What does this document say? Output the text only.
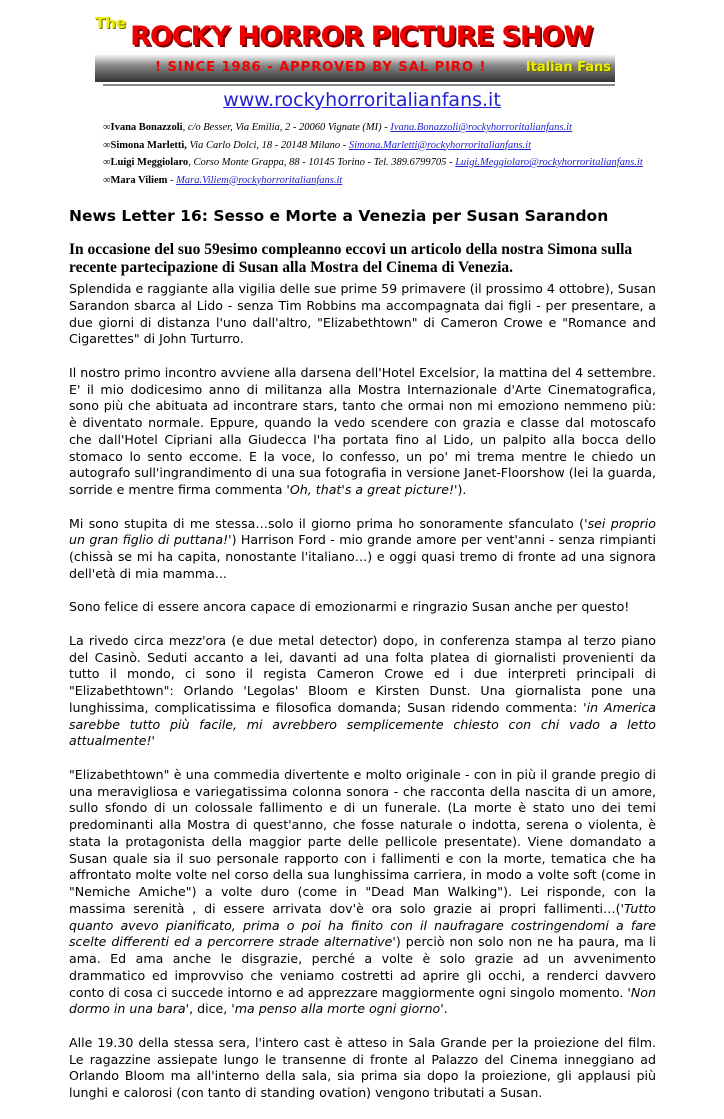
The ROCKY HORROR PICTURE SHOW
! SINCE 1986 - APPROVED BY SAL PIRO !	Italian Fans
www.rockyhorroritalianfans.it
∞Ivana Bonazzoli, c/o Besser, Via Emilia, 2 - 20060 Vignate (MI) - Ivana.Bonazzoli@rockyhorroritalianfans.it
∞Simona Marletti, Via Carlo Dolci, 18 - 20148 Milano - Simona.Marletti@rockyhorroritalianfans.it
∞Luigi Meggiolaro, Corso Monte Grappa, 88 - 10145 Torino - Tel. 389.6799705 - Luigi.Meggiolaro@rockyhorroritalianfans.it
∞Mara Viliem - Mara.Viliem@rockyhorroritalianfans.it
News Letter 16: Sesso e Morte a Venezia per Susan Sarandon
In occasione del suo 59esimo compleanno eccovi un articolo della nostra Simona sulla recente partecipazione di Susan alla Mostra del Cinema di Venezia.

Splendida e raggiante alla vigilia delle sue prime 59 primavere (il prossimo 4 ottobre), Susan Sarandon sbarca al Lido - senza Tim Robbins ma accompagnata dai figli - per presentare, a due giorni di distanza l'uno dall'altro, "Elizabethtown" di Cameron Crowe e "Romance and Cigarettes" di John Turturro.

Il nostro primo incontro avviene alla darsena dell'Hotel Excelsior, la mattina del 4 settembre. E' il mio dodicesimo anno di militanza alla Mostra Internazionale d'Arte Cinematografica, sono più che abituata ad incontrare stars, tanto che ormai non mi emoziono nemmeno più: è diventato normale. Eppure, quando la vedo scendere con grazia e classe dal motoscafo che dall'Hotel Cipriani alla Giudecca l'ha portata fino al Lido, un palpito alla bocca dello stomaco lo sento eccome. E la voce, lo confesso, un po' mi trema mentre le chiedo un autografo sull'ingrandimento di una sua fotografia in versione Janet-Floorshow (lei la guarda, sorride e mentre firma commenta 'Oh, that's a great picture!').

Mi sono stupita di me stessa…solo il giorno prima ho sonoramente sfanculato ('sei proprio un gran figlio di puttana!') Harrison Ford - mio grande amore per vent'anni - senza rimpianti (chissà se mi ha capita, nonostante l'italiano…) e oggi quasi tremo di fronte ad una signora dell'età di mia mamma...

Sono felice di essere ancora capace di emozionarmi e ringrazio Susan anche per questo!

La rivedo circa mezz'ora (e due metal detector) dopo, in conferenza stampa al terzo piano del Casinò. Seduti accanto a lei, davanti ad una folta platea di giornalisti provenienti da tutto il mondo, ci sono il regista Cameron Crowe ed i due interpreti principali di "Elizabethtown": Orlando 'Legolas' Bloom e Kirsten Dunst. Una giornalista pone una lunghissima, complicatissima e filosofica domanda; Susan ridendo commenta: 'in America sarebbe tutto più facile, mi avrebbero semplicemente chiesto con chi vado a letto attualmente!'

"Elizabethtown" è una commedia divertente e molto originale - con in più il grande pregio di una meravigliosa e variegatissima colonna sonora - che racconta della nascita di un amore, sullo sfondo di un colossale fallimento e di un funerale. (La morte è stato uno dei temi predominanti alla Mostra di quest'anno, che fosse naturale o indotta, serena o violenta, è stata la protagonista della maggior parte delle pellicole presentate). Viene domandato a Susan quale sia il suo personale rapporto con i fallimenti e con la morte, tematica che ha affrontato molte volte nel corso della sua lunghissima carriera, in modo a volte soft (come in "Nemiche Amiche") a volte duro (come in "Dead Man Walking"). Lei risponde, con la massima serenità , di essere arrivata dov'è ora solo grazie ai propri fallimenti…('Tutto quanto avevo pianificato, prima o poi ha finito con il naufragare costringendomi a fare scelte differenti ed a percorrere strade alternative') perciò non solo non ne ha paura, ma li ama. Ed ama anche le disgrazie, perché a volte è solo grazie ad un avvenimento drammatico ed improvviso che veniamo costretti ad aprire gli occhi, a renderci davvero conto di cosa ci succede intorno e ad apprezzare maggiormente ogni singolo momento. 'Non dormo in una bara', dice, 'ma penso alla morte ogni giorno'.

Alle 19.30 della stessa sera, l'intero cast è atteso in Sala Grande per la proiezione del film. Le ragazzine assiepate lungo le transenne di fronte al Palazzo del Cinema inneggiano ad Orlando Bloom ma all'interno della sala, sia prima sia dopo la proiezione, gli applausi più lunghi e calorosi (con tanto di standing ovation) vengono tributati a Susan.
